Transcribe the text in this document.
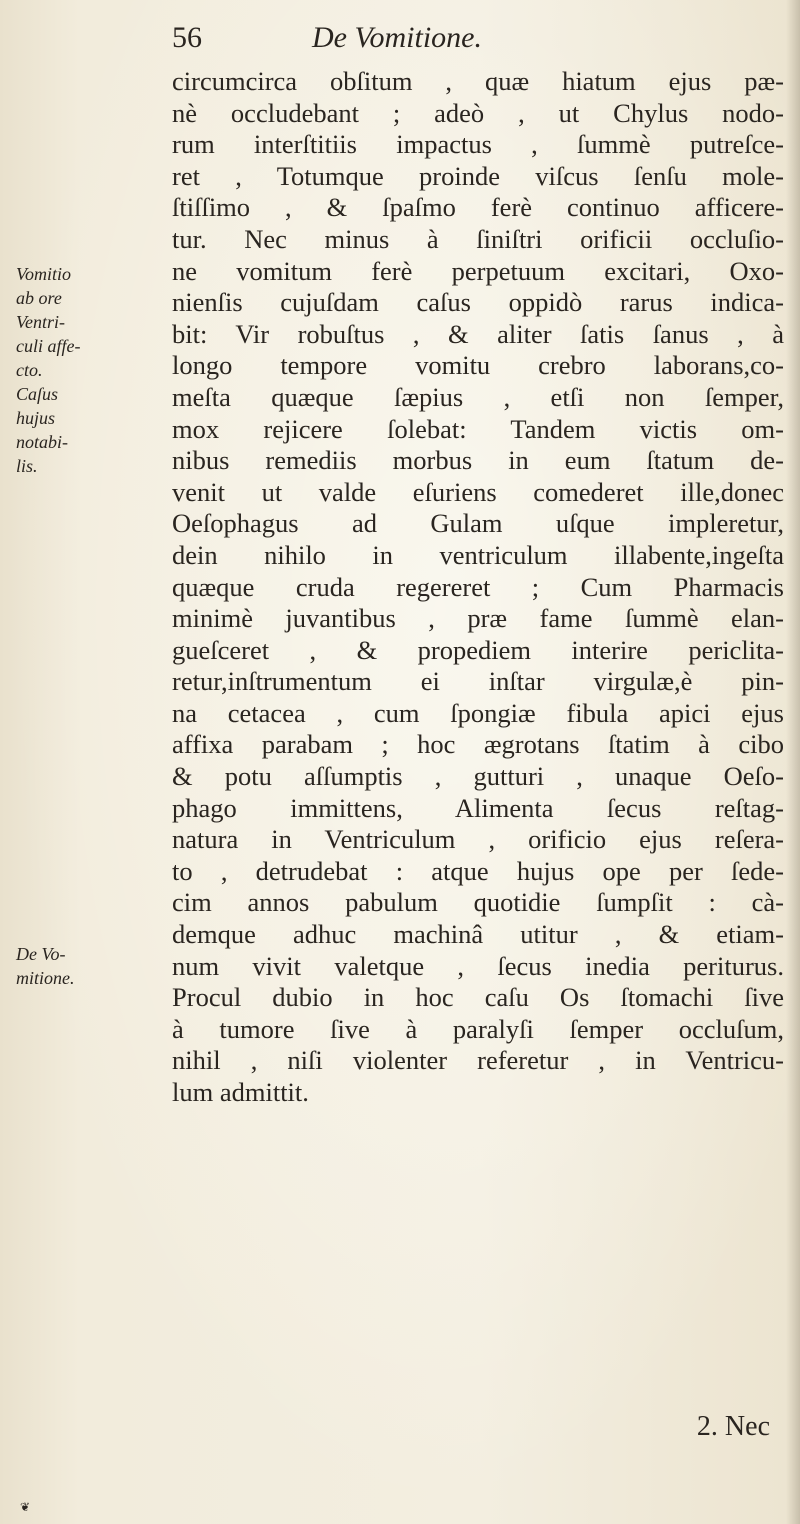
56	De Vomitione.
circumcirca obſitum , quæ hiatum ejus pæ-
nè occludebant ; adeò , ut Chylus nodo-
rum interſtitiis impactus , ſummè putreſce-
ret , Totumque proinde viſcus ſenſu mole-
ſtiſſimo , & ſpaſmo ferè continuo afficere-
tur. Nec minus à ſiniſtri orificii occluſio-
ne vomitum ferè perpetuum excitari, Oxo-
nienſis cujuſdam caſus oppidò rarus indica-
bit: Vir robuſtus , & aliter ſatis ſanus , à
longo tempore vomitu crebro laborans,co-
meſta quæque ſæpius , etſi non ſemper,
mox rejicere ſolebat: Tandem victis om-
nibus remediis morbus in eum ſtatum de-
venit ut valde eſuriens comederet ille,donec
Oeſophagus ad Gulam uſque impleretur,
dein nihilo in ventriculum illabente,ingeſta
quæque cruda regereret ; Cum Pharmacis
minimè juvantibus , præ fame ſummè elan-
gueſceret , & propediem interire periclita-
retur,inſtrumentum ei inſtar virgulæ,è pin-
na cetacea , cum ſpongiæ fibula apici ejus
affixa parabam ; hoc ægrotans ſtatim à cibo
& potu aſſumptis , gutturi , unaque Oeſo-
phago immittens, Alimenta ſecus reſtag-
natura in Ventriculum , orificio ejus reſera-
to , detrudebat : atque hujus ope per ſede-
cim annos pabulum quotidie ſumpſit : cà-
demque adhuc machinâ utitur , & etiam-
num vivit valetque , ſecus inedia periturus.
Procul dubio in hoc caſu Os ſtomachi ſive
à tumore ſive à paralyſi ſemper occluſum,
nihil , niſi violenter referetur , in Ventricu-
lum admittit.
2. Nec
Vomitio
ab ore
Ventri-
culi affe-
cto.
Caſus
hujus
notabi-
lis.
De Vo-
mitione.
❦
